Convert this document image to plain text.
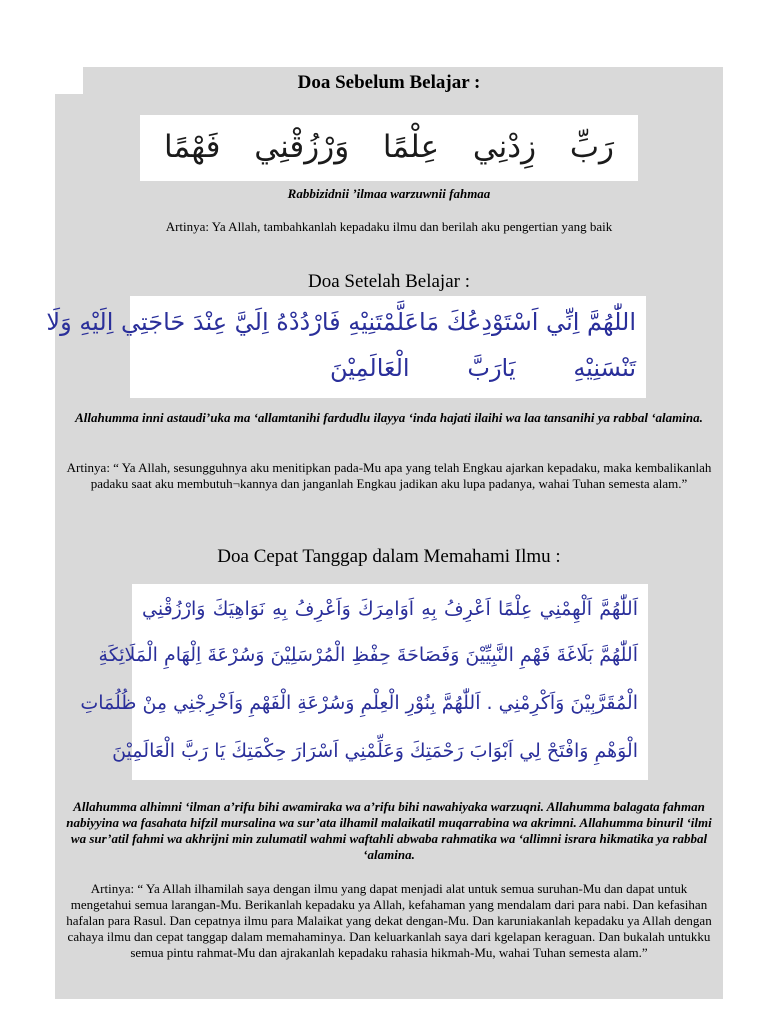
Doa Sebelum Belajar :
رَبِّ زِدْنِي عِلْمًا وَرْزُقْنِي فَهْمًا
Rabbizidnii ’ilmaa warzuwnii fahmaa
Artinya: Ya Allah, tambahkanlah kepadaku ilmu dan berilah aku pengertian yang baik
Doa Setelah Belajar :
اللّٰهُمَّ اِنِّي اَسْتَوْدِعُكَ مَاعَلَّمْتَنِيْهِ فَارْدُدْهُ اِلَيَّ عِنْدَ حَاجَتِي اِلَيْهِ وَلَا
تَنْسَنِيْهِ يَارَبَّ الْعَالَمِيْنَ
Allahumma inni astaudi’uka ma ‘allamtanihi fardudlu ilayya ‘inda hajati ilaihi wa laa tansanihi ya rabbal ‘alamina.
Artinya: “ Ya Allah, sesungguhnya aku menitipkan pada-Mu apa yang telah Engkau ajarkan kepadaku, maka kembalikanlah padaku saat aku membutuh¬kannya dan janganlah Engkau jadikan aku lupa padanya, wahai Tuhan semesta alam.”
Doa Cepat Tanggap dalam Memahami Ilmu :
اَللّٰهُمَّ اَلْهِمْنِي عِلْمًا اَعْرِفُ بِهِ اَوَامِرَكَ وَاَعْرِفُ بِهِ نَوَاهِيَكَ وَارْزُقْنِي
اَللّٰهُمَّ بَلَاغَةَ فَهْمِ النَّبِيِّيْنَ وَفَصَاحَةَ حِفْظِ الْمُرْسَلِيْنَ وَسُرْعَةَ اِلْهَامِ الْمَلَائِكَةِ
الْمُقَرَّبِيْنَ وَاَكْرِمْنِي . اَللّٰهُمَّ بِنُوْرِ الْعِلْمِ وَسُرْعَةِ الْفَهْمِ وَاَخْرِجْنِي مِنْ ظُلُمَاتِ
الْوَهْمِ وَافْتَحْ لِي اَبْوَابَ رَحْمَتِكَ وَعَلِّمْنِي اَسْرَارَ حِكْمَتِكَ يَا رَبَّ الْعَالَمِيْنَ
Allahumma alhimni ‘ilman a’rifu bihi awamiraka wa a’rifu bihi nawahiyaka warzuqni. Allahumma balagata fahman nabiyyina wa fasahata hifzil mursalina wa sur’ata ilhamil malaikatil muqarrabina wa akrimni. Allahumma binuril ‘ilmi wa sur’atil fahmi wa akhrijni min zulumatil wahmi waftahli abwaba rahmatika wa ‘allimni israra hikmatika ya rabbal ‘alamina.
Artinya: “ Ya Allah ilhamilah saya dengan ilmu yang dapat menjadi alat untuk semua suruhan-Mu dan dapat untuk mengetahui semua larangan-Mu. Berikanlah kepadaku ya Allah, kefahaman yang mendalam dari para nabi. Dan kefasihan hafalan para Rasul. Dan cepatnya ilmu para Malaikat yang dekat dengan-Mu. Dan karuniakanlah kepadaku ya Allah dengan cahaya ilmu dan cepat tanggap dalam memahaminya. Dan keluarkanlah saya dari kgelapan keraguan. Dan bukalah untukku semua pintu rahmat-Mu dan ajrakanlah kepadaku rahasia hikmah-Mu, wahai Tuhan semesta alam.”
